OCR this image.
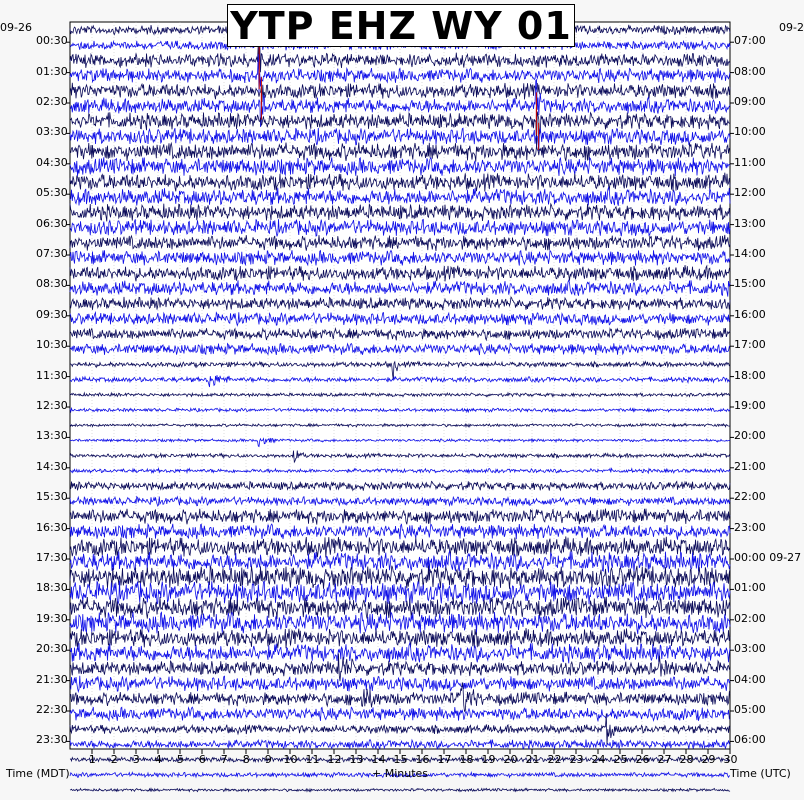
YTP EHZ WY 01
09-26	09-2
00:30
01:30
02:30
03:30
04:30
05:30
06:30
07:30
08:30
09:30
10:30
11:30
12:30
13:30
14:30
15:30
16:30
17:30
18:30
19:30
20:30
21:30
22:30
23:30
07:00
08:00
09:00
10:00
11:00
12:00
13:00
14:00
15:00
16:00
17:00
18:00
19:00
20:00
21:00
22:00
23:00
00:00 09-27
01:00
02:00
03:00
04:00
05:00
06:00
1 2 3 4 5 6 7 8 9 10 11 12 13 14 15 16 17 18 19 20 21 22 23 24 25 26 27 28 29 30
Time (MDT)	+ Minutes	Time (UTC)
